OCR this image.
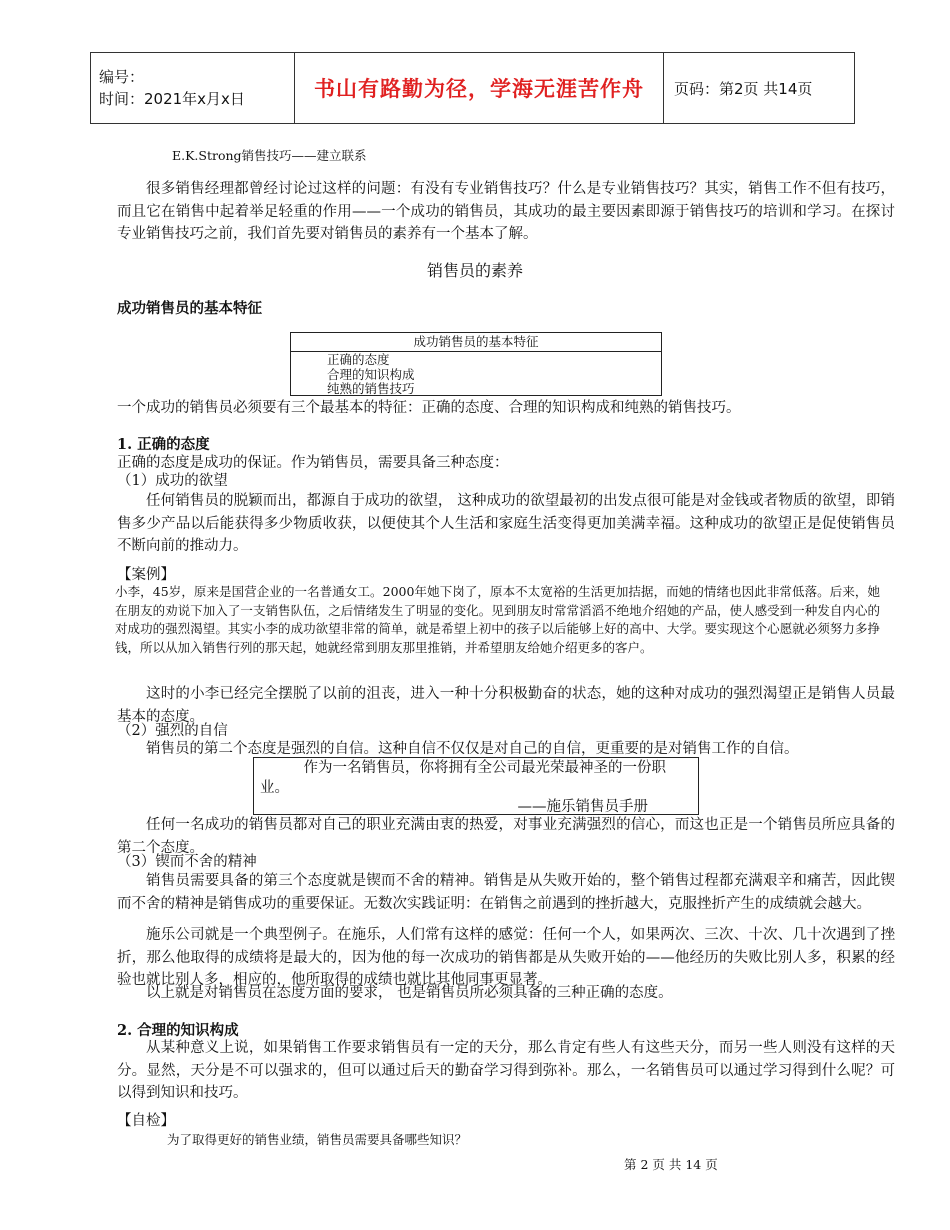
编号：
时间：2021年x月x日	书山有路勤为径，学海无涯苦作舟	页码：第2页 共14页
E.K.Strong销售技巧——建立联系
很多销售经理都曾经讨论过这样的问题：有没有专业销售技巧？什么是专业销售技巧？其实，销售工作不但有技巧，而且它在销售中起着举足轻重的作用——一个成功的销售员，其成功的最主要因素即源于销售技巧的培训和学习。在探讨专业销售技巧之前，我们首先要对销售员的素养有一个基本了解。
销售员的素养
成功销售员的基本特征
成功销售员的基本特征
正确的态度
合理的知识构成
纯熟的销售技巧
一个成功的销售员必须要有三个最基本的特征：正确的态度、合理的知识构成和纯熟的销售技巧。
1. 正确的态度
正确的态度是成功的保证。作为销售员，需要具备三种态度：
（1）成功的欲望
任何销售员的脱颖而出，都源自于成功的欲望， 这种成功的欲望最初的出发点很可能是对金钱或者物质的欲望，即销售多少产品以后能获得多少物质收获，以便使其个人生活和家庭生活变得更加美满幸福。这种成功的欲望正是促使销售员不断向前的推动力。
【案例】
小李，45岁，原来是国营企业的一名普通女工。2000年她下岗了，原本不太宽裕的生活更加拮据，而她的情绪也因此非常低落。后来，她在朋友的劝说下加入了一支销售队伍，之后情绪发生了明显的变化。见到朋友时常常滔滔不绝地介绍她的产品，使人感受到一种发自内心的对成功的强烈渴望。其实小李的成功欲望非常的简单，就是希望上初中的孩子以后能够上好的高中、大学。要实现这个心愿就必须努力多挣钱，所以从加入销售行列的那天起，她就经常到朋友那里推销，并希望朋友给她介绍更多的客户。
这时的小李已经完全摆脱了以前的沮丧，进入一种十分积极勤奋的状态，她的这种对成功的强烈渴望正是销售人员最基本的态度。
（2）强烈的自信
销售员的第二个态度是强烈的自信。这种自信不仅仅是对自己的自信，更重要的是对销售工作的自信。
作为一名销售员，你将拥有全公司最光荣最神圣的一份职业。
——施乐销售员手册
任何一名成功的销售员都对自己的职业充满由衷的热爱，对事业充满强烈的信心，而这也正是一个销售员所应具备的第二个态度。
（3）锲而不舍的精神
销售员需要具备的第三个态度就是锲而不舍的精神。销售是从失败开始的，整个销售过程都充满艰辛和痛苦，因此锲而不舍的精神是销售成功的重要保证。无数次实践证明：在销售之前遇到的挫折越大，克服挫折产生的成绩就会越大。
施乐公司就是一个典型例子。在施乐，人们常有这样的感觉：任何一个人，如果两次、三次、十次、几十次遇到了挫折，那么他取得的成绩将是最大的，因为他的每一次成功的销售都是从失败开始的——他经历的失败比别人多，积累的经验也就比别人多，相应的，他所取得的成绩也就比其他同事更显著。
以上就是对销售员在态度方面的要求， 也是销售员所必须具备的三种正确的态度。
2. 合理的知识构成
从某种意义上说，如果销售工作要求销售员有一定的天分，那么肯定有些人有这些天分，而另一些人则没有这样的天分。显然，天分是不可以强求的，但可以通过后天的勤奋学习得到弥补。那么，一名销售员可以通过学习得到什么呢？可以得到知识和技巧。
【自检】
为了取得更好的销售业绩，销售员需要具备哪些知识？
第 2 页 共 14 页
